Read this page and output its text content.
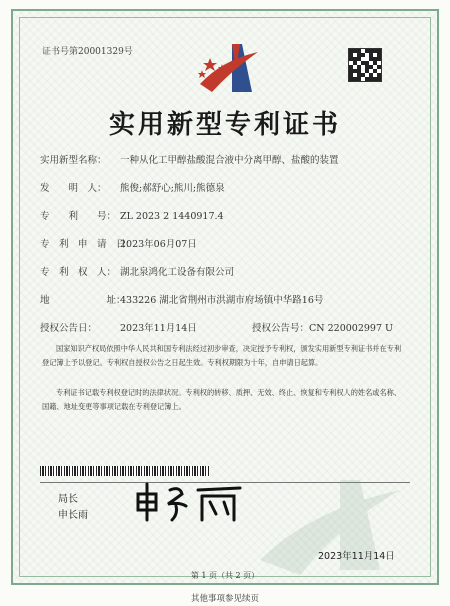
证书号第20001329号
实用新型专利证书
实用新型名称： 一种从化工甲醇盐酸混合液中分离甲醇、盐酸的装置
发　　明　人： 熊俊;郝舒心;熊川;熊德泉
专　　利　　号： ZL 2023 2 1440917.4
专　利　申　请　日：2023年06月07日
专　利　权　人： 湖北泉鸿化工设备有限公司
地　　　　　　址：433226 湖北省荆州市洪湖市府场镇中华路16号
授权公告日： 2023年11月14日	授权公告号：CN 220002997 U
国家知识产权局依照中华人民共和国专利法经过初步审查，决定授予专利权，颁发实用新型专利证书并在专利登记簿上予以登记。专利权自授权公告之日起生效。专利权期限为十年，自申请日起算。
专利证书记载专利权登记时的法律状况。专利权的转移、质押、无效、终止、恢复和专利权人的姓名或名称、国籍、地址变更等事项记载在专利登记簿上。
局长
申长雨
2023年11月14日
第 1 页（共 2 页）
其他事项参见续页
